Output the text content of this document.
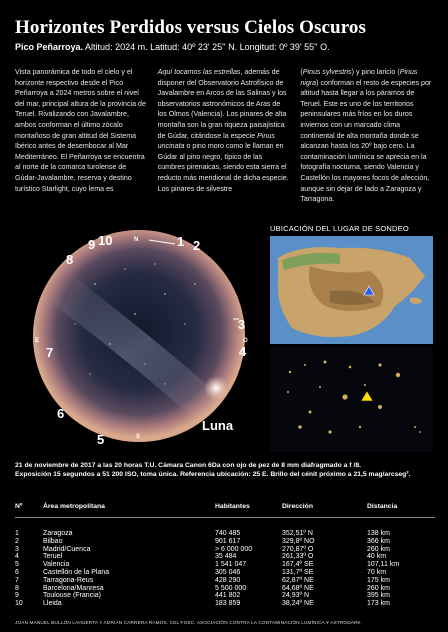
Horizontes Perdidos versus Cielos Oscuros
Pico Peñarroya. Altitud: 2024 m. Latitud: 40º 23' 25'' N. Longitud: 0º 39' 55'' O.
Vista panorámica de todo el cielo y el horizonte respectivo desde el Pico Peñarroya a 2024 metros sobre el nivel del mar, principal altura de la provincia de Teruel. Rivalizando con Javalambre, ambos conforman el último zócalo montañoso de gran altitud del Sistema Ibérico antes de desembocar al Mar Mediterráneo. El Peñarroya se encuentra al norte de la comarca turolense de Gúdar-Javalambre, reserva y destino turístico Starlight, cuyo lema es
Aquí tocamos las estrellas, además de disponer del Observatorio Astrofísico de Javalambre en Arcos de las Salinas y los observatorios astronómicos de Aras de los Olmos (Valencia). Los pinares de alta montaña son la gran riqueza paisajística de Gúdar, citándose la especie Pinus uncinata o pino moro como le llaman en Gúdar al pino negro, típico de las cumbres pirenaicas, siendo esta sierra el reducto más meridional de dicha especie. Los pinares de silvestre
(Pinus sylvestris) y pino laricio (Pinus nigra) conforman el resto de especies por altitud hasta llegar a los páramos de Teruel. Este es uno de los territorios peninsulares más fríos en los duros inviernos con un marcado clima continental de alta montaña donde se alcanzan hasta los 20º bajo cero. La contaminación lumínica se aprecia en la fotografía nocturna, siendo Valencia y Castellón los mayores focos de afección, aunque sin dejar de lado a Zaragoza y Tarragona.
N
E
S
O
1 2
3
4
5
6
7
8
9 10
Luna
UBICACIÓN DEL LUGAR DE SONDEO
21 de noviembre de 2017 a las 20 horas T.U. Cámara Canon 6Da con ojo de pez de 8 mm diafragmado a f /8.
Exposición 15 segundos a 51 200 ISO, toma única. Referencia ubicación: 25 E. Brillo del cénit próximo a 21,5 mag/arcseg².
Nº	Área metropolitana	Habitantes	Dirección	Distancia
1	Zaragoza	740 485	352,51º N	138 km
2	Bilbao	901 617	329,8º NO	366 km
3	Madrid/Cuenca	> 6 000 000	270,87º O	260 km
4	Teruel	35 484	261,33º O	40 km
5	Valencia	1 541 047	167,4º SE	107,11 km
6	Castellón de la Plana	305 046	131,7º SE	70 km
7	Tarragona-Reus	428 290	62,87º NE	175 km
8	Barcelona/Manresa	5 500 000	64,68º NE	260 km
9	Toulouse (Francia)	441 802	24,93º N	395 km
10	Lleida	183 859	38,24º NE	173 km
JOAN MANUEL BULLÓN LAHUERTA Y ADRIÁN CARRERA RAMOS. CEL FOSC, ASOCIACIÓN CONTRA LA CONTAMINACIÓN LUMÍNICA Y ASTRODARK
